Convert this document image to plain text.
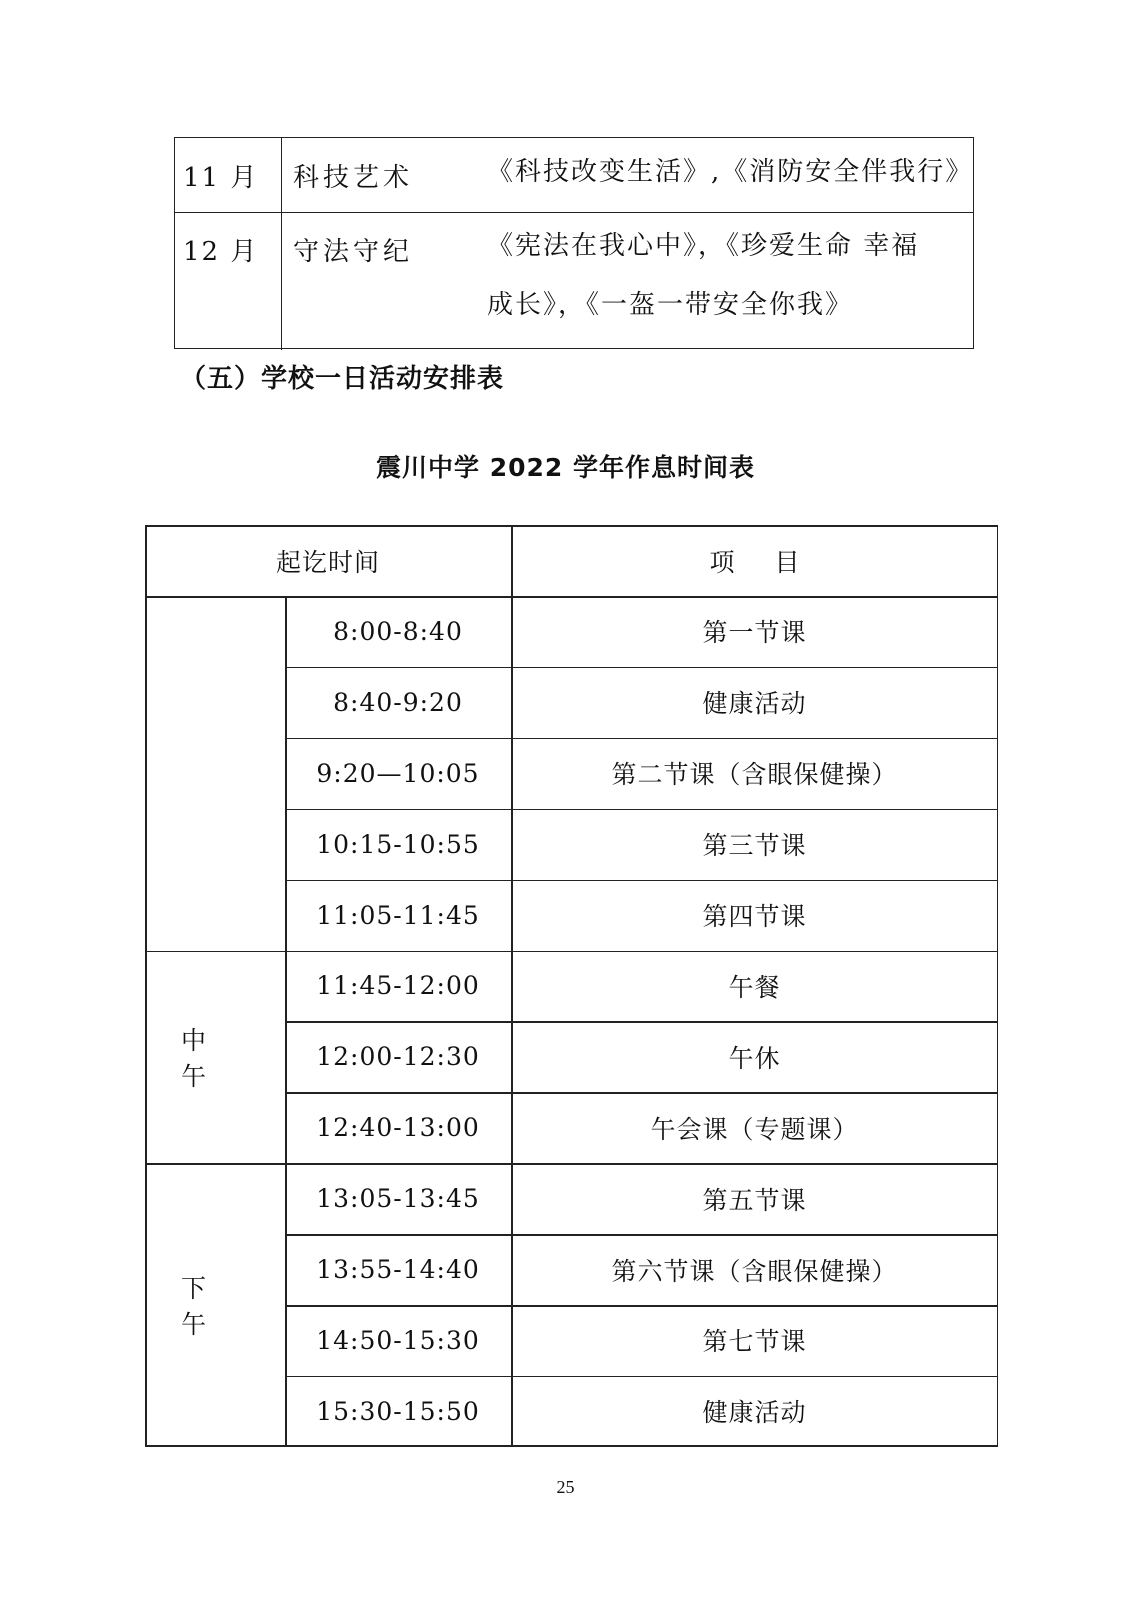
11 月 科技艺术	《科技改变生活》,《消防安全伴我行》
12 月 守法守纪	《宪法在我心中》，《珍爱生命 幸福
成长》，《一盔一带安全你我》
（五）学校一日活动安排表
震川中学 2022 学年作息时间表
起讫时间	项目
8:00-8:40	第一节课
8:40-9:20	健康活动
9:20—10:05	第二节课（含眼保健操）
10:15-10:55	第三节课
11:05-11:45	第四节课
中午
11:45-12:00	午餐
12:00-12:30	午休
12:40-13:00	午会课（专题课）
下午
13:05-13:45	第五节课
13:55-14:40	第六节课（含眼保健操）
14:50-15:30	第七节课
15:30-15:50	健康活动
25
